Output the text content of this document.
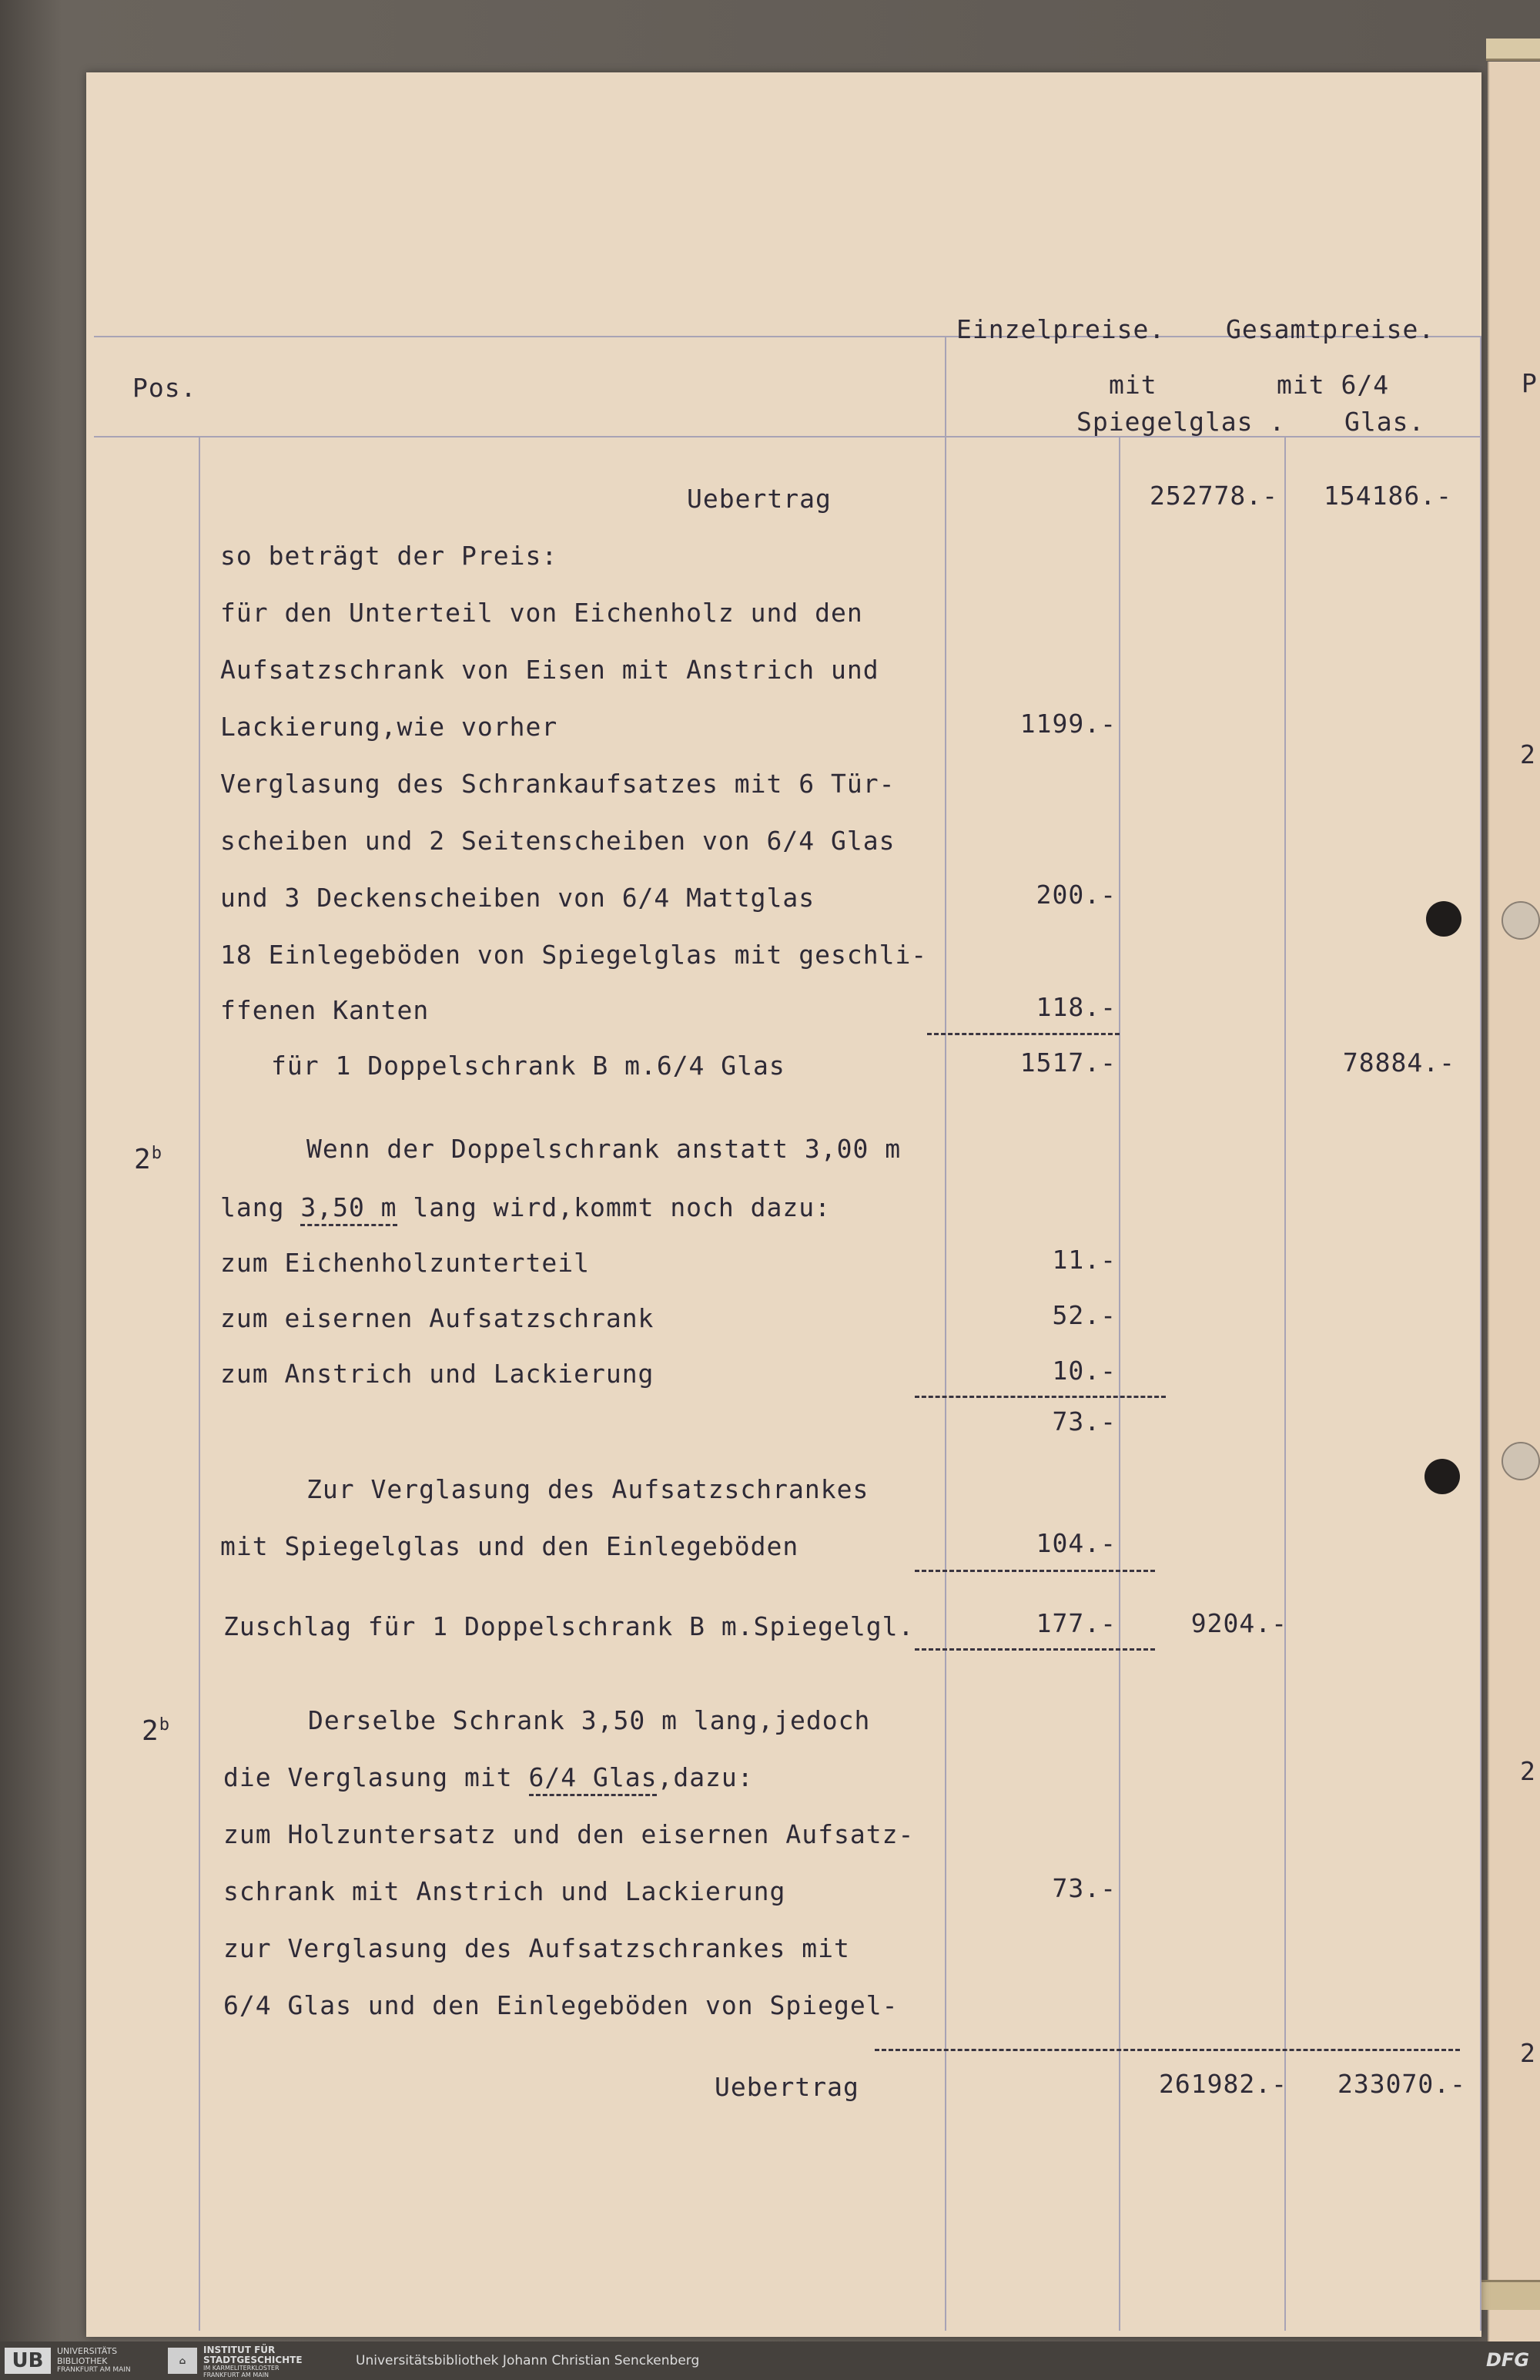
P
2
2
2
Einzelpreise. Gesamtpreise.
Pos.	mit	mit 6/4
Spiegelglas . Glas.
Uebertrag	252778.-	154186.-
so beträgt der Preis:
für den Unterteil von Eichenholz und den
Aufsatzschrank von Eisen mit Anstrich und
Lackierung,wie vorher	1199.-
Verglasung des Schrankaufsatzes mit 6 Tür-
scheiben und 2 Seitenscheiben von 6/4 Glas
und 3 Deckenscheiben von 6/4 Mattglas	200.-
18 Einlegeböden von Spiegelglas mit geschli-
ffenen Kanten	118.-
für 1 Doppelschrank B m.6/4 Glas	1517.-	78884.-
2$^b$	Wenn der Doppelschrank anstatt 3,00 m
lang 3,50 m lang wird,kommt noch dazu:
zum Eichenholzunterteil	11.-
zum eisernen Aufsatzschrank	52.-
zum Anstrich und Lackierung	10.-
73.-
Zur Verglasung des Aufsatzschrankes
mit Spiegelglas und den Einlegeböden	104.-
Zuschlag für 1 Doppelschrank B m.Spiegelgl.	177.-	9204.-
2$^b$	Derselbe Schrank 3,50 m lang,jedoch
die Verglasung mit 6/4 Glas,dazu:
zum Holzuntersatz und den eisernen Aufsatz-
schrank mit Anstrich und Lackierung	73.-
zur Verglasung des Aufsatzschrankes mit
6/4 Glas und den Einlegeböden von Spiegel-
Uebertrag	261982.-	233070.-
UB	UNIVERSITÄTS
BIBLIOTHEK
FRANKFURT AM MAIN
⌂
INSTITUT FÜR
STADTGESCHICHTE
IM KARMELITERKLOSTER
FRANKFURT AM MAIN
Universitätsbibliothek Johann Christian Senckenberg	DFG
